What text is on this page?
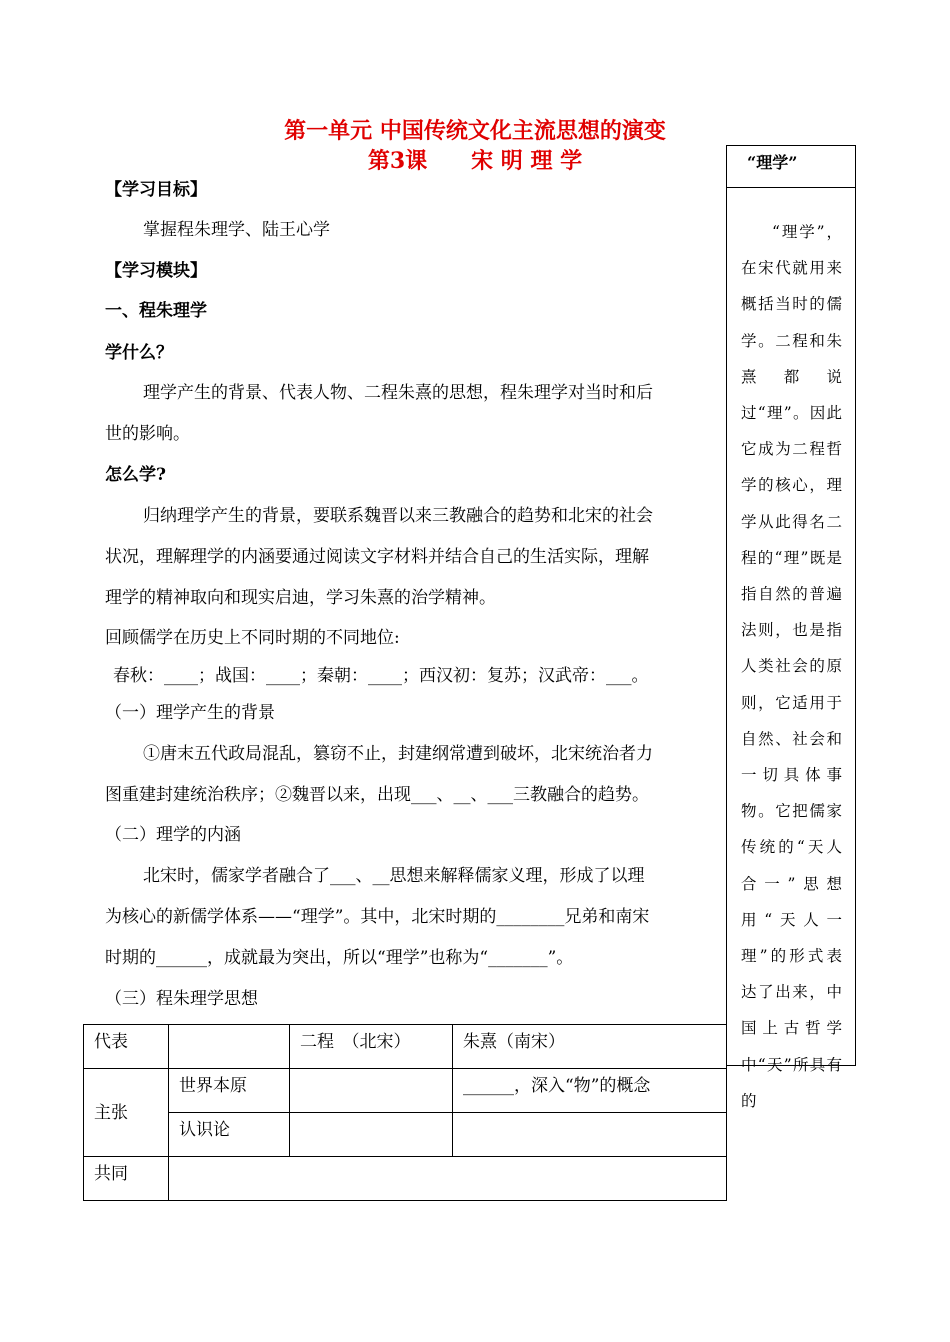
第一单元 中国传统文化主流思想的演变
第3课　　宋 明 理 学	“理学”
“理学”，在宋代就用来概括当时的儒学。二程和朱熹都说过“理”。因此它成为二程哲学的核心，理学从此得名二程的“理”既是指自然的普遍法则，也是指人类社会的原则，它适用于自然、社会和一切具体事物。它把儒家传统的“天人合一”思想用“天人一理”的形式表达了出来，中国上古哲学中“天”所具有的
【学习目标】
掌握程朱理学、陆王心学
【学习模块】
一、程朱理学
学什么？
理学产生的背景、代表人物、二程朱熹的思想，程朱理学对当时和后
世的影响。
怎么学?
归纳理学产生的背景，要联系魏晋以来三教融合的趋势和北宋的社会
状况，理解理学的内涵要通过阅读文字材料并结合自己的生活实际，理解
理学的精神取向和现实启迪，学习朱熹的治学精神。
回顾儒学在历史上不同时期的不同地位:
春秋：____；战国：____；秦朝：____；西汉初：复苏；汉武帝：___。
（一）理学产生的背景
①唐末五代政局混乱，篡窃不止，封建纲常遭到破坏，北宋统治者力
图重建封建统治秩序；②魏晋以来，出现___、__、___三教融合的趋势。
（二）理学的内涵
北宋时，儒家学者融合了___、__思想来解释儒家义理，形成了以理
为核心的新儒学体系——“理学”。其中，北宋时期的________兄弟和南宋
时期的______，成就最为突出，所以“理学”也称为“_______”。
（三）程朱理学思想
代表		二程　（北宋）	朱熹（南宋）
主张	世界本原		______，深入“物”的概念
	认识论		
共同			
